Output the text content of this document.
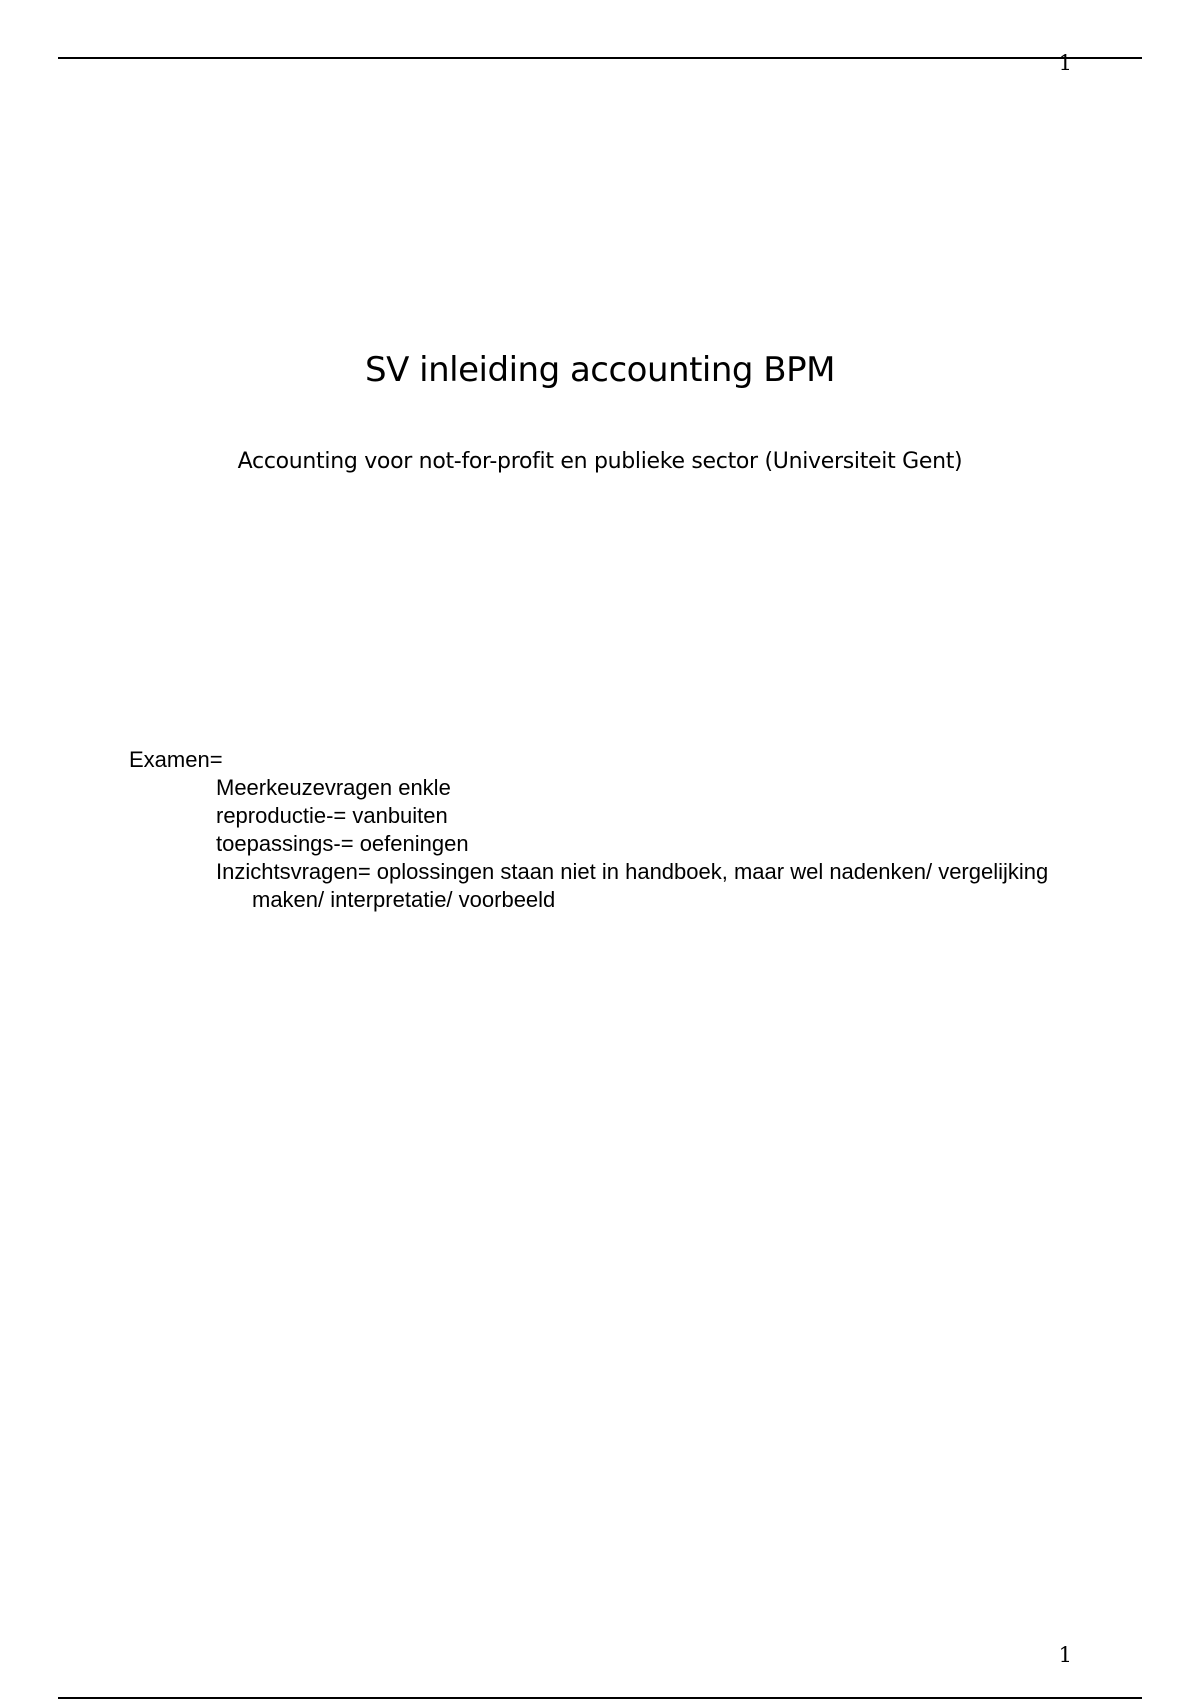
1
SV inleiding accounting BPM
Accounting voor not-for-profit en publieke sector (Universiteit Gent)
Examen=
Meerkeuzevragen enkle
reproductie-= vanbuiten
toepassings-= oefeningen
Inzichtsvragen= oplossingen staan niet in handboek, maar wel nadenken/ vergelijking maken/ interpretatie/ voorbeeld
1
